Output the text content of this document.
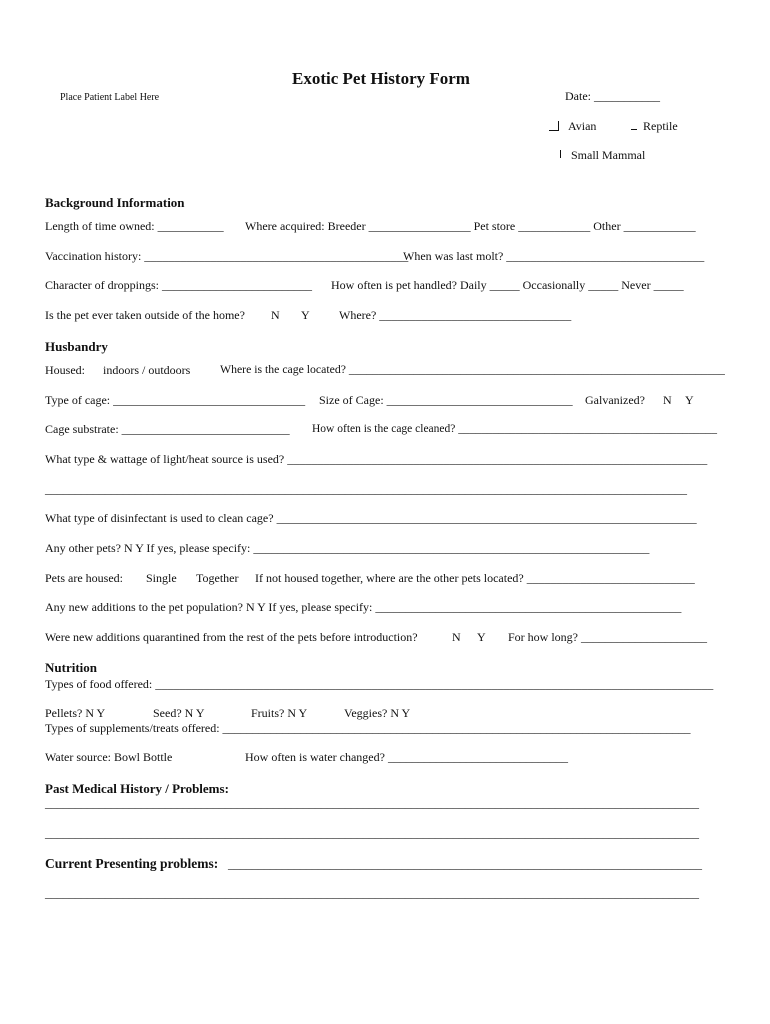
Exotic Pet History Form
Place Patient Label Here	Date: ___________
Avian	Reptile
Small Mammal
Background Information
Length of time owned: ___________ Where acquired: Breeder _________________ Pet store ____________ Other ____________
Vaccination history: ____________________________________________
When was last molt? _________________________________
Character of droppings: _________________________ How often is pet handled? Daily _____ Occasionally _____ Never _____
Is the pet ever taken outside of the home? N Y Where? ________________________________
Husbandry
Housed: indoors / outdoors	Where is the cage located? ________________________________________________________________
Type of cage: ________________________________ Size of Cage: _______________________________ Galvanized? N Y
Cage substrate: ____________________________ How often is the cage cleaned? _____________________________________________
What type & wattage of light/heat source is used? ______________________________________________________________________
___________________________________________________________________________________________________________
What type of disinfectant is used to clean cage? ______________________________________________________________________
Any other pets? N Y If yes, please specify: __________________________________________________________________
Pets are housed: Single Together If not housed together, where are the other pets located? ____________________________
Any new additions to the pet population? N Y If yes, please specify: ___________________________________________________
Were new additions quarantined from the rest of the pets before introduction?	N Y For how long? _____________________
Nutrition
Types of food offered: _____________________________________________________________________________________________
Pellets? N Y	Seed? N Y	Fruits? N Y	Veggies? N Y
Types of supplements/treats offered: ______________________________________________________________________________
Water source: Bowl Bottle	How often is water changed? ______________________________
Past Medical History / Problems:
_____________________________________________________________________________________________________________
_____________________________________________________________________________________________________________
Current Presenting problems: _______________________________________________________________________________
_____________________________________________________________________________________________________________
